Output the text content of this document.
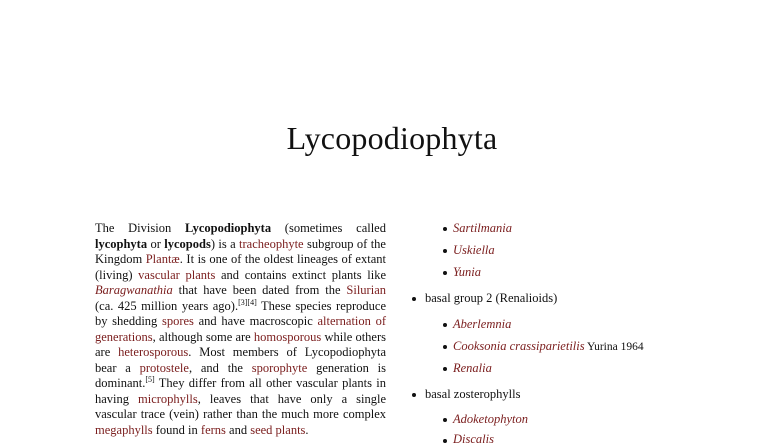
Lycopodiophyta

The Division Lycopodiophyta (sometimes called lycophyta or lycopods) is a tracheophyte subgroup of the Kingdom Plantæ. It is one of the oldest lineages of extant (living) vascular plants and contains extinct plants like Baragwanathia that have been dated from the Silurian (ca. 425 million years ago).[3][4] These species reproduce by shedding spores and have macroscopic alternation of generations, although some are homosporous while others are heterosporous. Most members of Lycopodiophyta bear a protostele, and the sporophyte generation is dominant.[5] They differ from all other vascular plants in having microphylls, leaves that have only a single vascular trace (vein) rather than the much more complex megaphylls found in ferns and seed plants.

Sartilmania
Uskiella
Yunia
basal group 2 (Renalioids)
Aberlemnia
Cooksonia crassiparietilis Yurina 1964
Renalia
basal zosterophylls
Adoketophyton
Discalis
